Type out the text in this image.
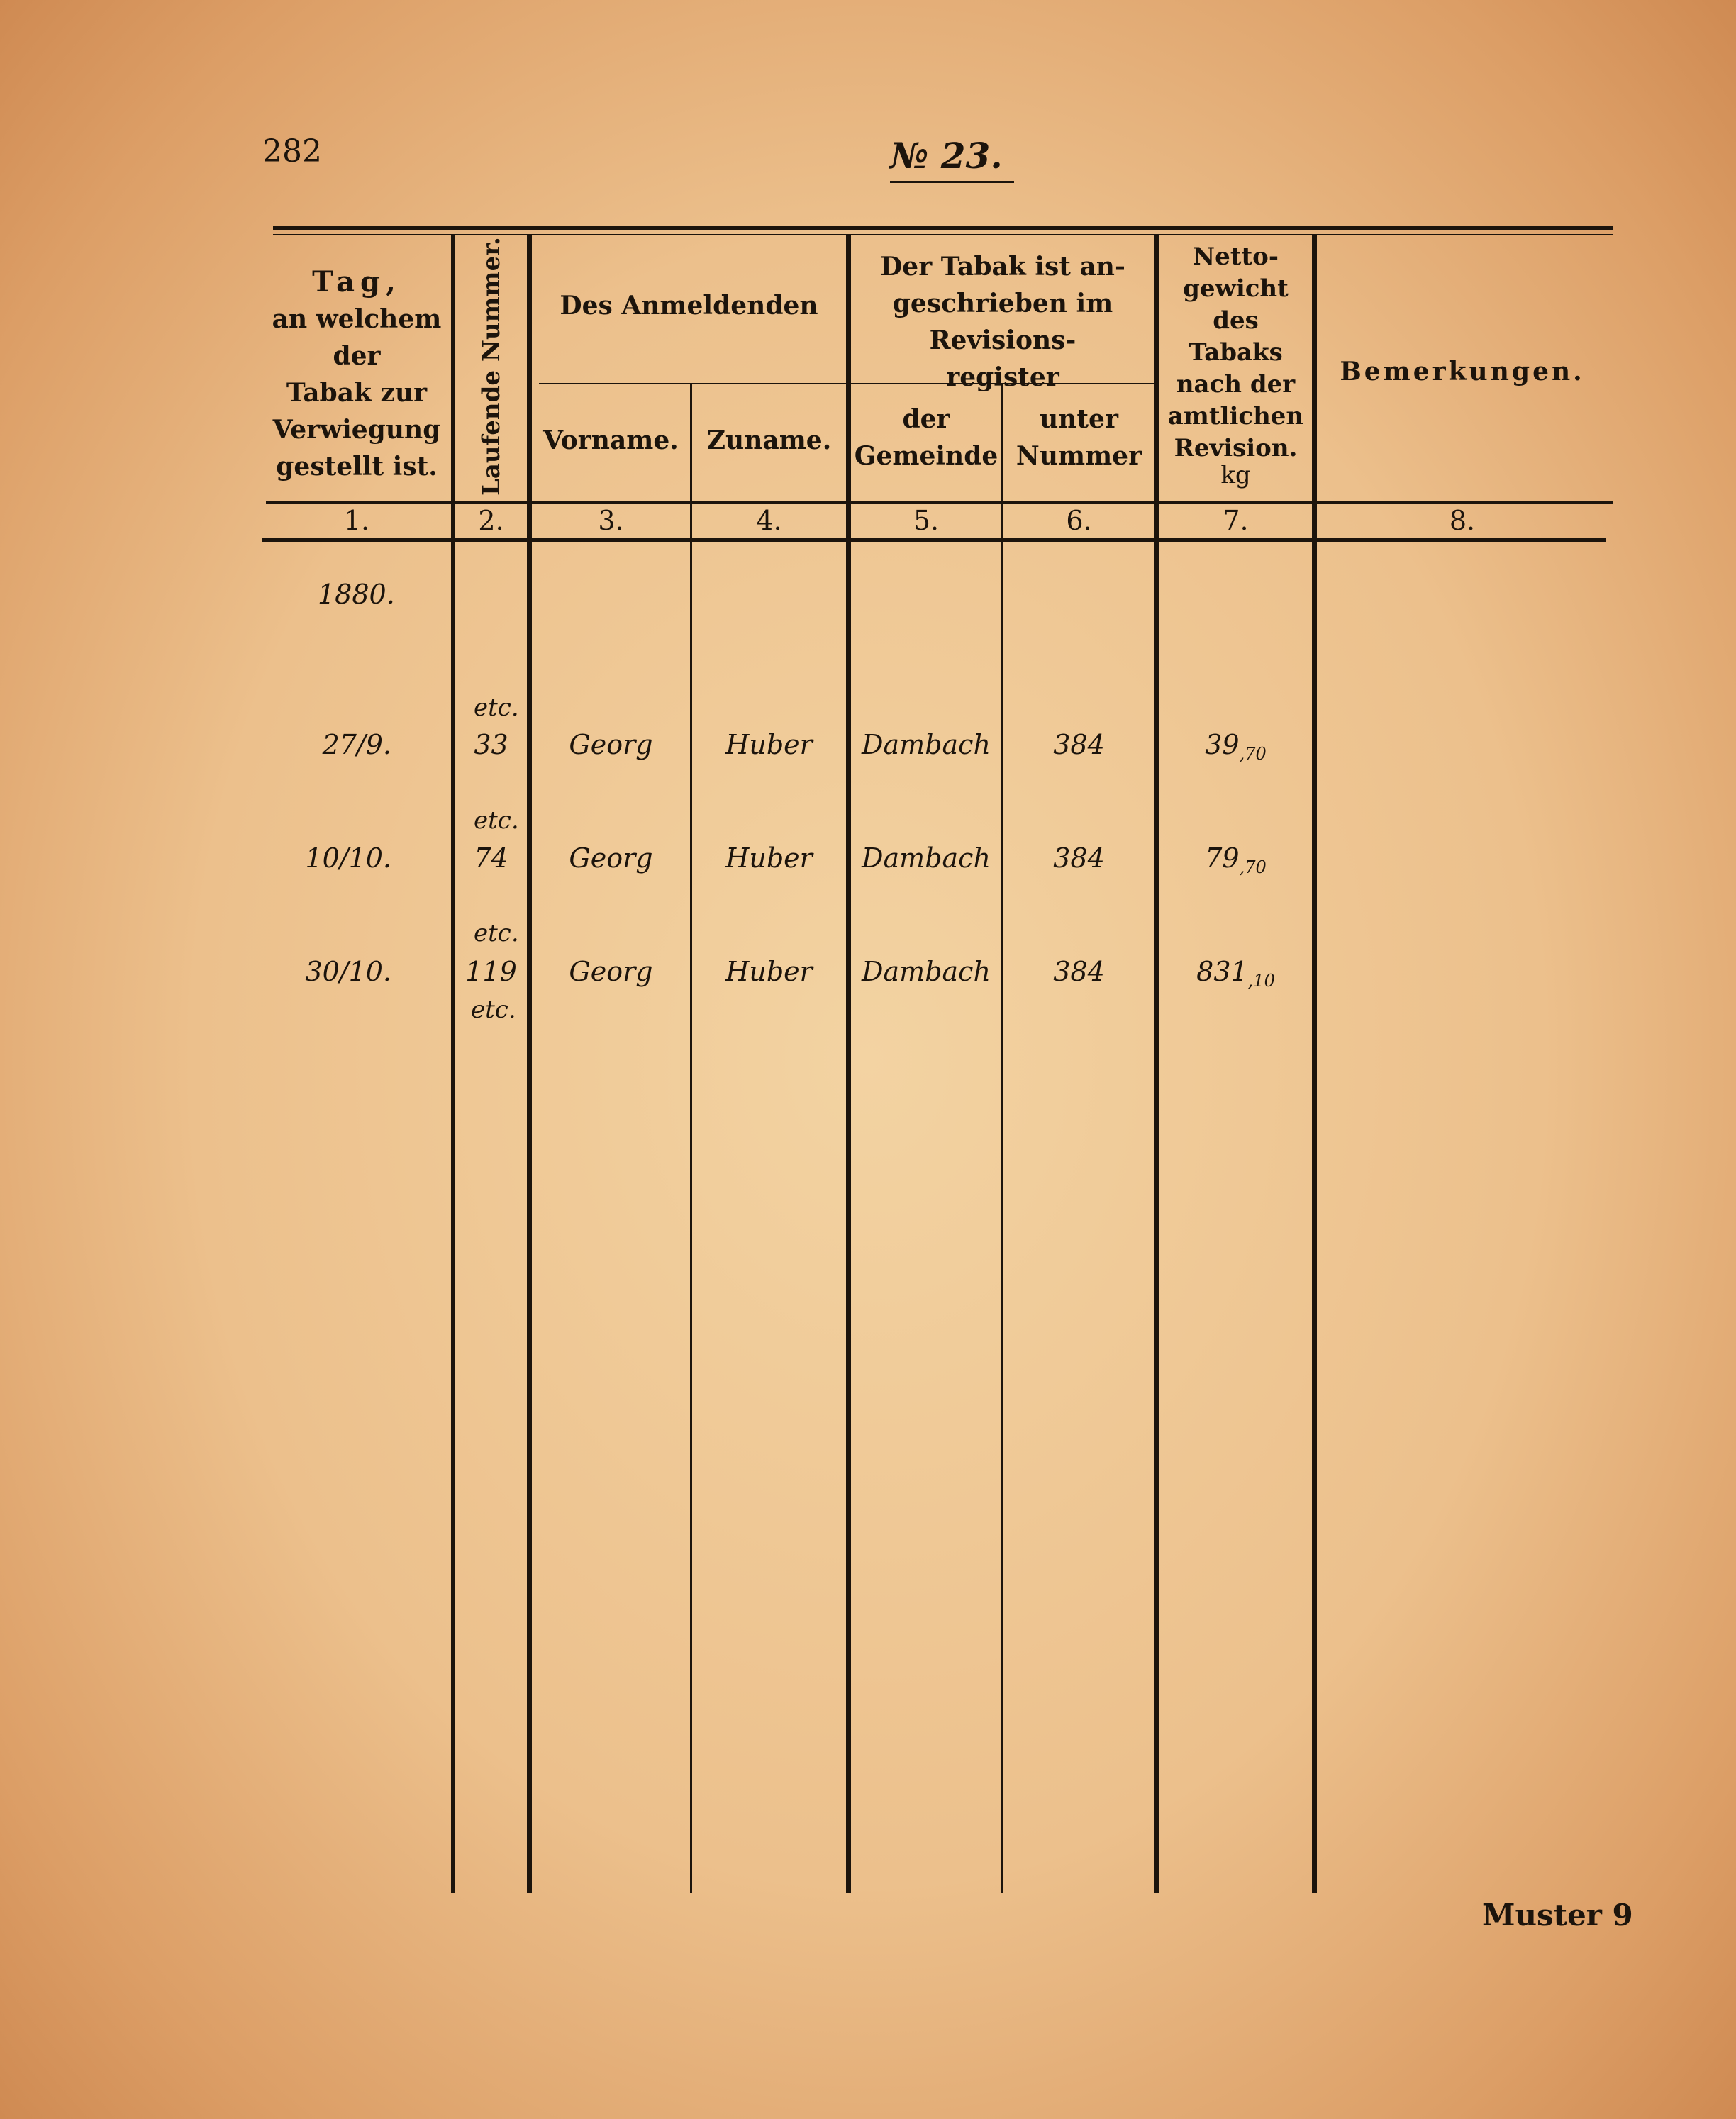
282	№ 23.
Tag,
an welchem der
Tabak zur
Verwiegung
gestellt ist.	Laufende Nummer.	Des Anmeldenden
Vorname.	Zuname.
Der Tabak ist an-
geschrieben im Revisions-
register
der
Gemeinde
unter
Nummer
Netto-
gewicht
des
Tabaks
nach der
amtlichen
Revision.
kg
Bemerkungen.
1.	2.	3.	4.	5.	6.	7.	8.
1880.
etc.
etc.
etc.
etc.
27/9.	33	Georg	Huber	Dambach	384	$39_{,70}$
10/10.	74	Georg	Huber	Dambach	384	$79_{,70}$
30/10.	119	Georg	Huber	Dambach	384	$831_{,10}$
Muster 9
